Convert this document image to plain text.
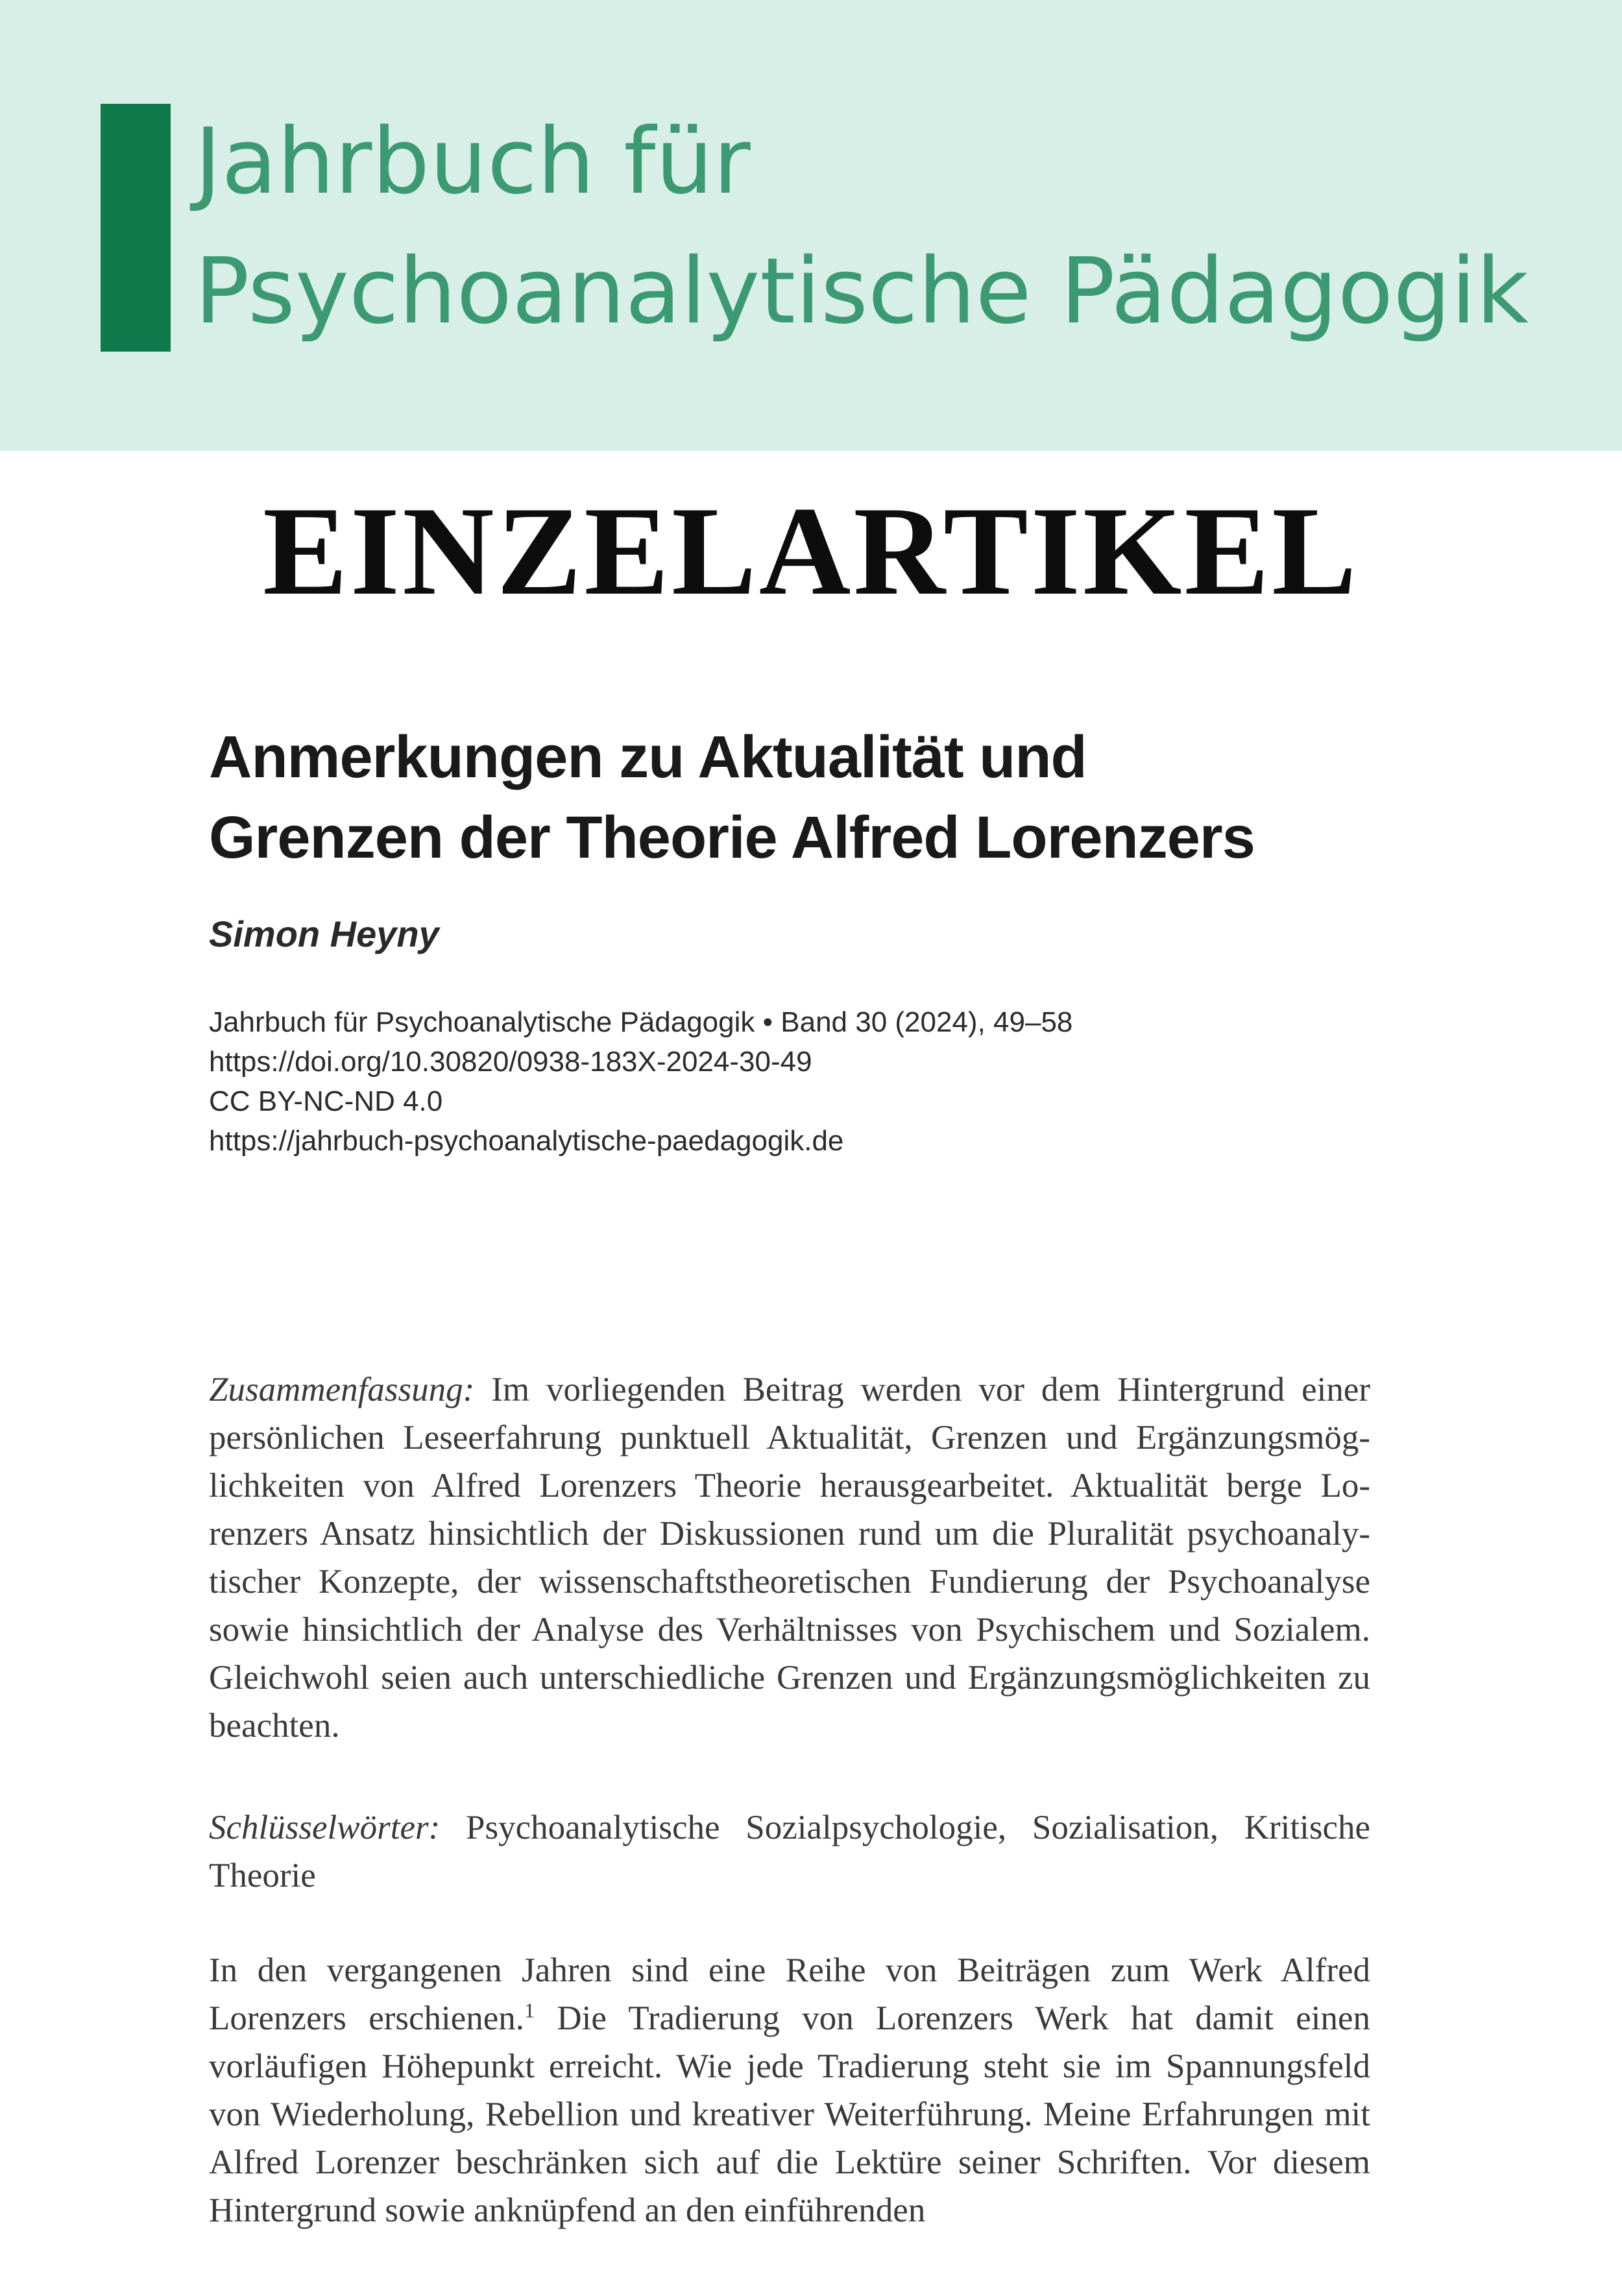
Jahrbuch für
Psychoanalytische Pädagogik
EINZELARTIKEL
Anmerkungen zu Aktualität und
Grenzen der Theorie Alfred Lorenzers
Simon Heyny
Jahrbuch für Psychoanalytische Pädagogik • Band 30 (2024), 49–58
https://doi.org/10.30820/0938-183X-2024-30-49
CC BY-NC-ND 4.0
https://jahrbuch-psychoanalytische-paedagogik.de

Zusammenfassung: Im vorliegenden Beitrag werden vor dem Hintergrund einer persönlichen Leseerfahrung punktuell Aktualität, Grenzen und Ergänzungsmöglichkeiten von Alfred Lorenzers Theorie herausgearbeitet. Aktualität berge Lorenzers Ansatz hinsichtlich der Diskussionen rund um die Pluralität psychoanalytischer Konzepte, der wissenschaftstheoretischen Fundierung der Psychoanalyse sowie hinsichtlich der Analyse des Verhältnisses von Psychischem und Sozialem. Gleichwohl seien auch unterschiedliche Grenzen und Ergänzungsmöglichkeiten zu beachten.

Schlüsselwörter: Psychoanalytische Sozialpsychologie, Sozialisation, Kritische Theorie

In den vergangenen Jahren sind eine Reihe von Beiträgen zum Werk Alfred Lorenzers erschienen.$^1$ Die Tradierung von Lorenzers Werk hat damit einen vorläufigen Höhepunkt erreicht. Wie jede Tradierung steht sie im Spannungsfeld von Wiederholung, Rebellion und kreativer Weiterführung. Meine Erfahrungen mit Alfred Lorenzer beschränken sich auf die Lektüre seiner Schriften. Vor diesem Hintergrund sowie anknüpfend an den einführenden
